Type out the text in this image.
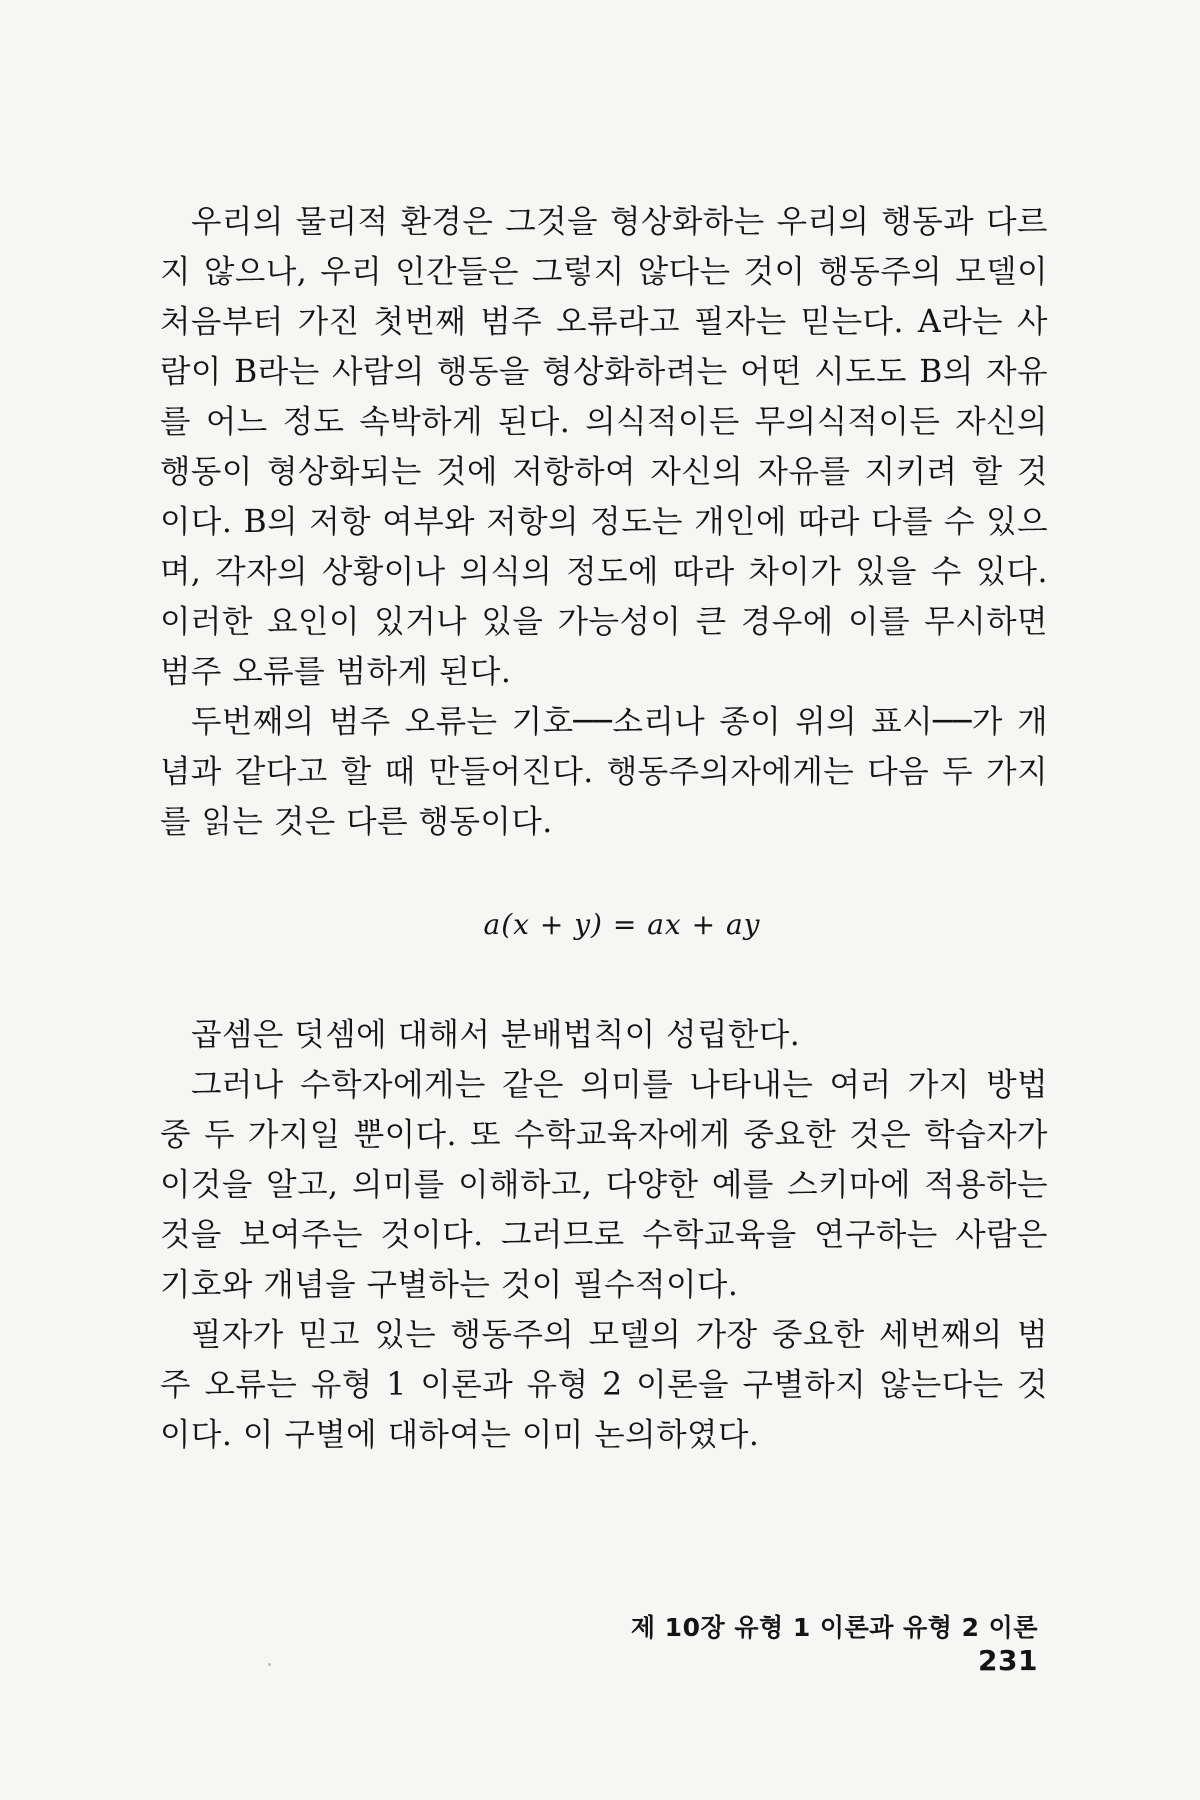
우리의 물리적 환경은 그것을 형상화하는 우리의 행동과 다르지 않으나, 우리 인간들은 그렇지 않다는 것이 행동주의 모델이 처음부터 가진 첫번째 범주 오류라고 필자는 믿는다. A라는 사람이 B라는 사람의 행동을 형상화하려는 어떤 시도도 B의 자유를 어느 정도 속박하게 된다. 의식적이든 무의식적이든 자신의 행동이 형상화되는 것에 저항하여 자신의 자유를 지키려 할 것이다. B의 저항 여부와 저항의 정도는 개인에 따라 다를 수 있으며, 각자의 상황이나 의식의 정도에 따라 차이가 있을 수 있다. 이러한 요인이 있거나 있을 가능성이 큰 경우에 이를 무시하면 범주 오류를 범하게 된다.

두번째의 범주 오류는 기호──소리나 종이 위의 표시──가 개념과 같다고 할 때 만들어진다. 행동주의자에게는 다음 두 가지를 읽는 것은 다른 행동이다.

a(x + y) = ax + ay

곱셈은 덧셈에 대해서 분배법칙이 성립한다.

그러나 수학자에게는 같은 의미를 나타내는 여러 가지 방법 중 두 가지일 뿐이다. 또 수학교육자에게 중요한 것은 학습자가 이것을 알고, 의미를 이해하고, 다양한 예를 스키마에 적용하는 것을 보여주는 것이다. 그러므로 수학교육을 연구하는 사람은 기호와 개념을 구별하는 것이 필수적이다.

필자가 믿고 있는 행동주의 모델의 가장 중요한 세번째의 범주 오류는 유형 1 이론과 유형 2 이론을 구별하지 않는다는 것이다. 이 구별에 대하여는 이미 논의하였다.

제 10장 유형 1 이론과 유형 2 이론231
